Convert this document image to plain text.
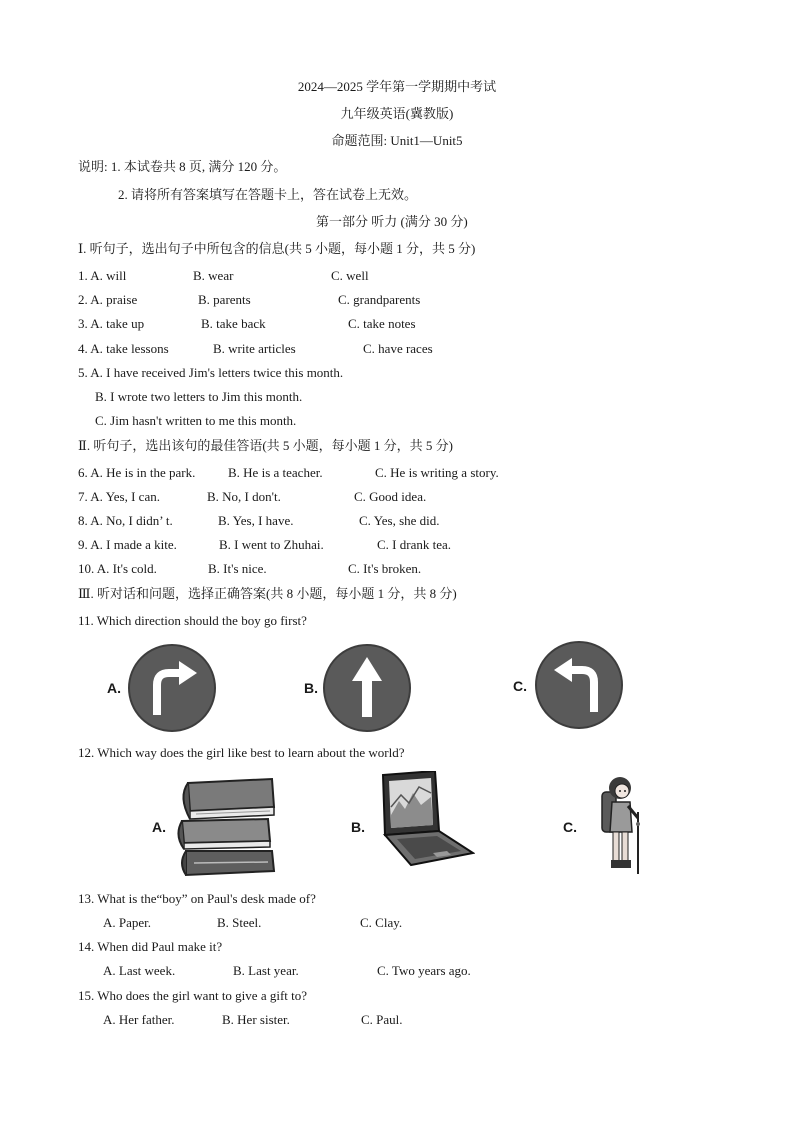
2024—2025 学年第一学期期中考试
九年级英语(冀教版)
命题范围: Unit1—Unit5
说明: 1. 本试卷共 8 页, 满分 120 分。
2. 请将所有答案填写在答题卡上，答在试卷上无效。
第一部分 听力 (满分 30 分)
Ⅰ. 听句子，选出句子中所包含的信息(共 5 小题，每小题 1 分，共 5 分)
1. A. will	B. wear	C. well
2. A. praise	B. parents	C. grandparents
3. A. take up	B. take back	C. take notes
4. A. take lessons	B. write articles	C. have races
5. A. I have received Jim's letters twice this month.
B. I wrote two letters to Jim this month.
C. Jim hasn't written to me this month.
Ⅱ. 听句子，选出该句的最佳答语(共 5 小题，每小题 1 分，共 5 分)
6. A. He is in the park.	B. He is a teacher.	C. He is writing a story.
7. A. Yes, I can.	B. No, I don't.	C. Good idea.
8. A. No, I didn’ t.	B. Yes, I have.	C. Yes, she did.
9. A. I made a kite.	B. I went to Zhuhai.	C. I drank tea.
10. A. It's cold.	B. It's nice.	C. It's broken.
Ⅲ. 听对话和问题，选择正确答案(共 8 小题，每小题 1 分，共 8 分)
11. Which direction should the boy go first?
A.	B.	C.
12. Which way does the girl like best to learn about the world?
A.	B.	C.
13. What is the“boy” on Paul's desk made of?
A. Paper.	B. Steel.	C. Clay.
14. When did Paul make it?
A. Last week.	B. Last year.	C. Two years ago.
15. Who does the girl want to give a gift to?
A. Her father.	B. Her sister.	C. Paul.
